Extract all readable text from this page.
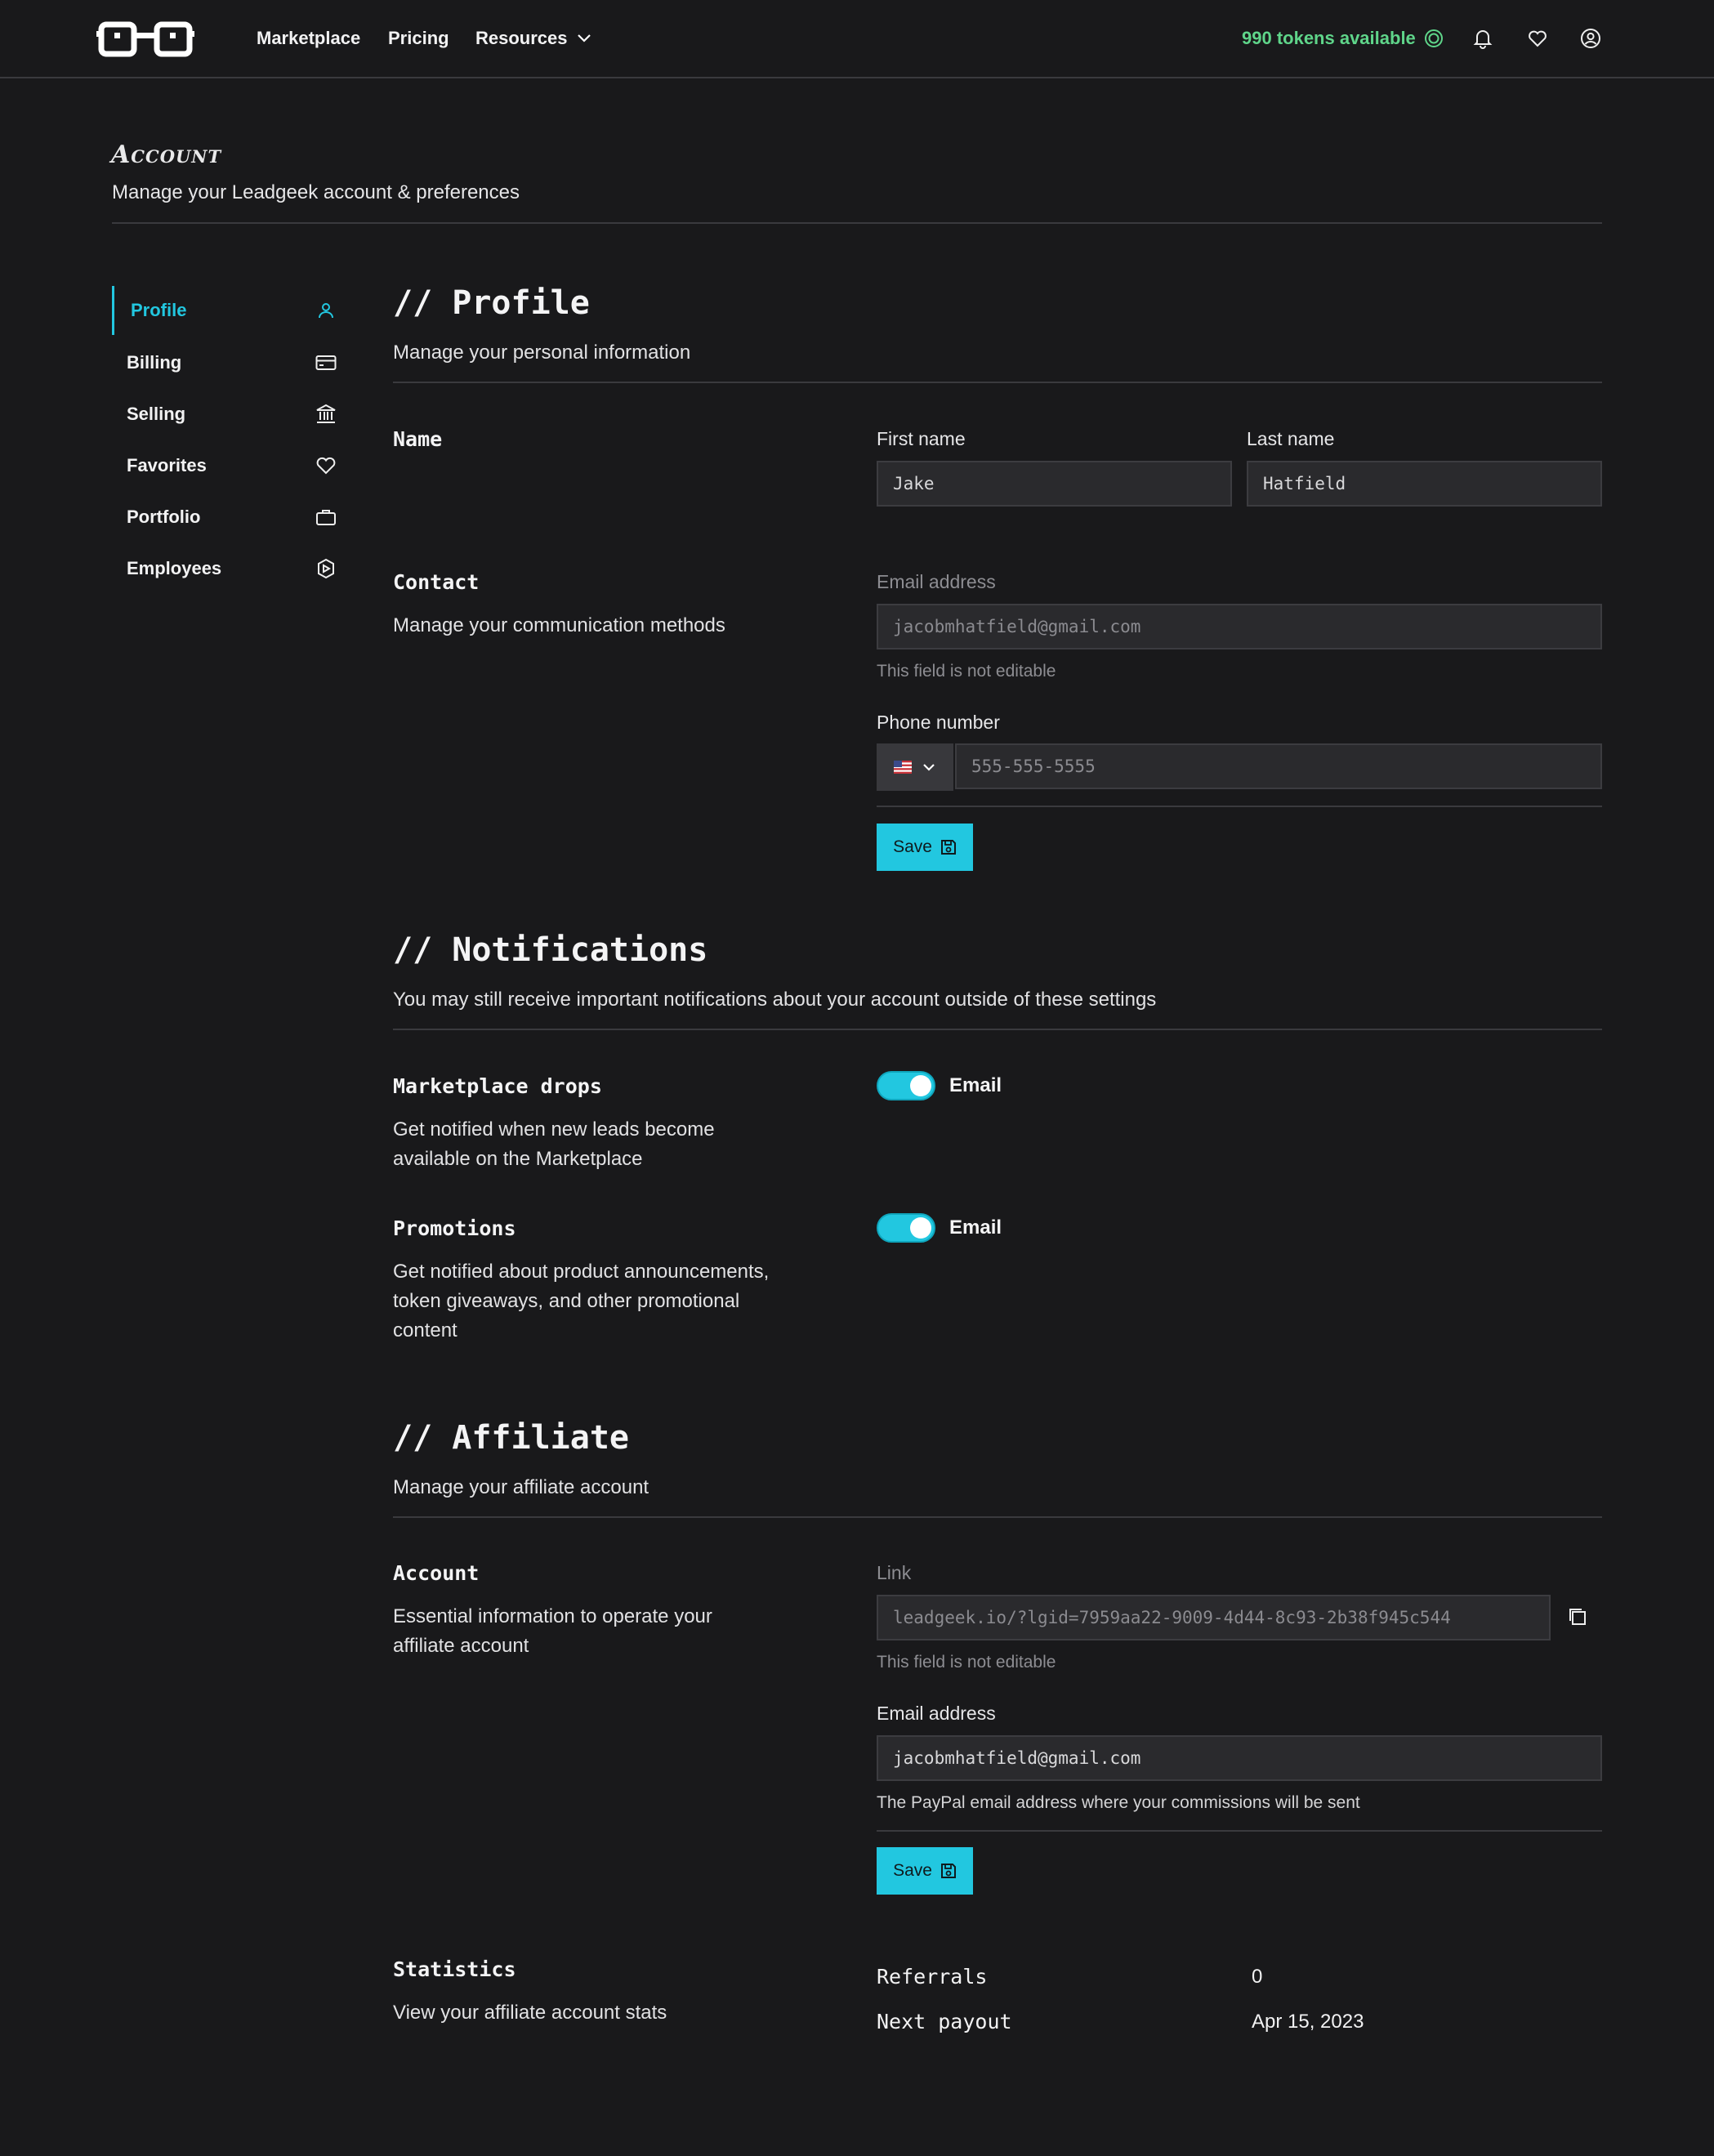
Marketplace Pricing Resources	990 tokens available
Account
Manage your Leadgeek account & preferences
Profile
Billing
Selling
Favorites
Portfolio
Employees
// Profile
Manage your personal information
Name	First name	Last name
Jake	Hatfield
Contact
Manage your communication methods
Email address
jacobmhatfield@gmail.com
This field is not editable
Phone number
555-555-5555
Save
// Notifications
You may still receive important notifications about your account outside of these settings
Marketplace drops
Get notified when new leads become available on the Marketplace
Email
Promotions
Get notified about product announcements, token giveaways, and other promotional content
Email
// Affiliate
Manage your affiliate account
Account
Essential information to operate your affiliate account
Link
leadgeek.io/?lgid=7959aa22-9009-4d44-8c93-2b38f945c544
This field is not editable
Email address
jacobmhatfield@gmail.com
The PayPal email address where your commissions will be sent
Save
Statistics
View your affiliate account stats
Referrals	0
Next payout	Apr 15, 2023
